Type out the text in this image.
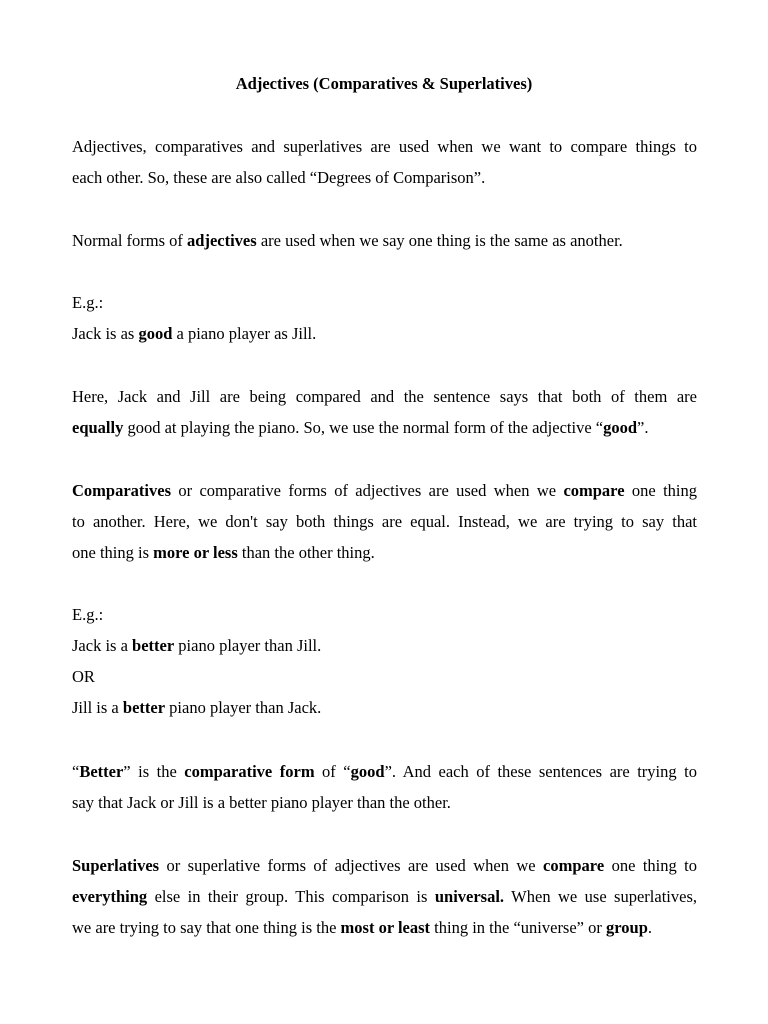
Adjectives (Comparatives & Superlatives)

Adjectives, comparatives and superlatives are used when we want to compare things to
each other. So, these are also called “Degrees of Comparison”.

Normal forms of adjectives are used when we say one thing is the same as another.

E.g.:
Jack is as good a piano player as Jill.

Here, Jack and Jill are being compared and the sentence says that both of them are
equally good at playing the piano. So, we use the normal form of the adjective “good”.

Comparatives or comparative forms of adjectives are used when we compare one thing
to another. Here, we don't say both things are equal. Instead, we are trying to say that
one thing is more or less than the other thing.

E.g.:
Jack is a better piano player than Jill.
OR
Jill is a better piano player than Jack.

“Better” is the comparative form of “good”. And each of these sentences are trying to
say that Jack or Jill is a better piano player than the other.

Superlatives or superlative forms of adjectives are used when we compare one thing to
everything else in their group. This comparison is universal. When we use superlatives,
we are trying to say that one thing is the most or least thing in the “universe” or group.
